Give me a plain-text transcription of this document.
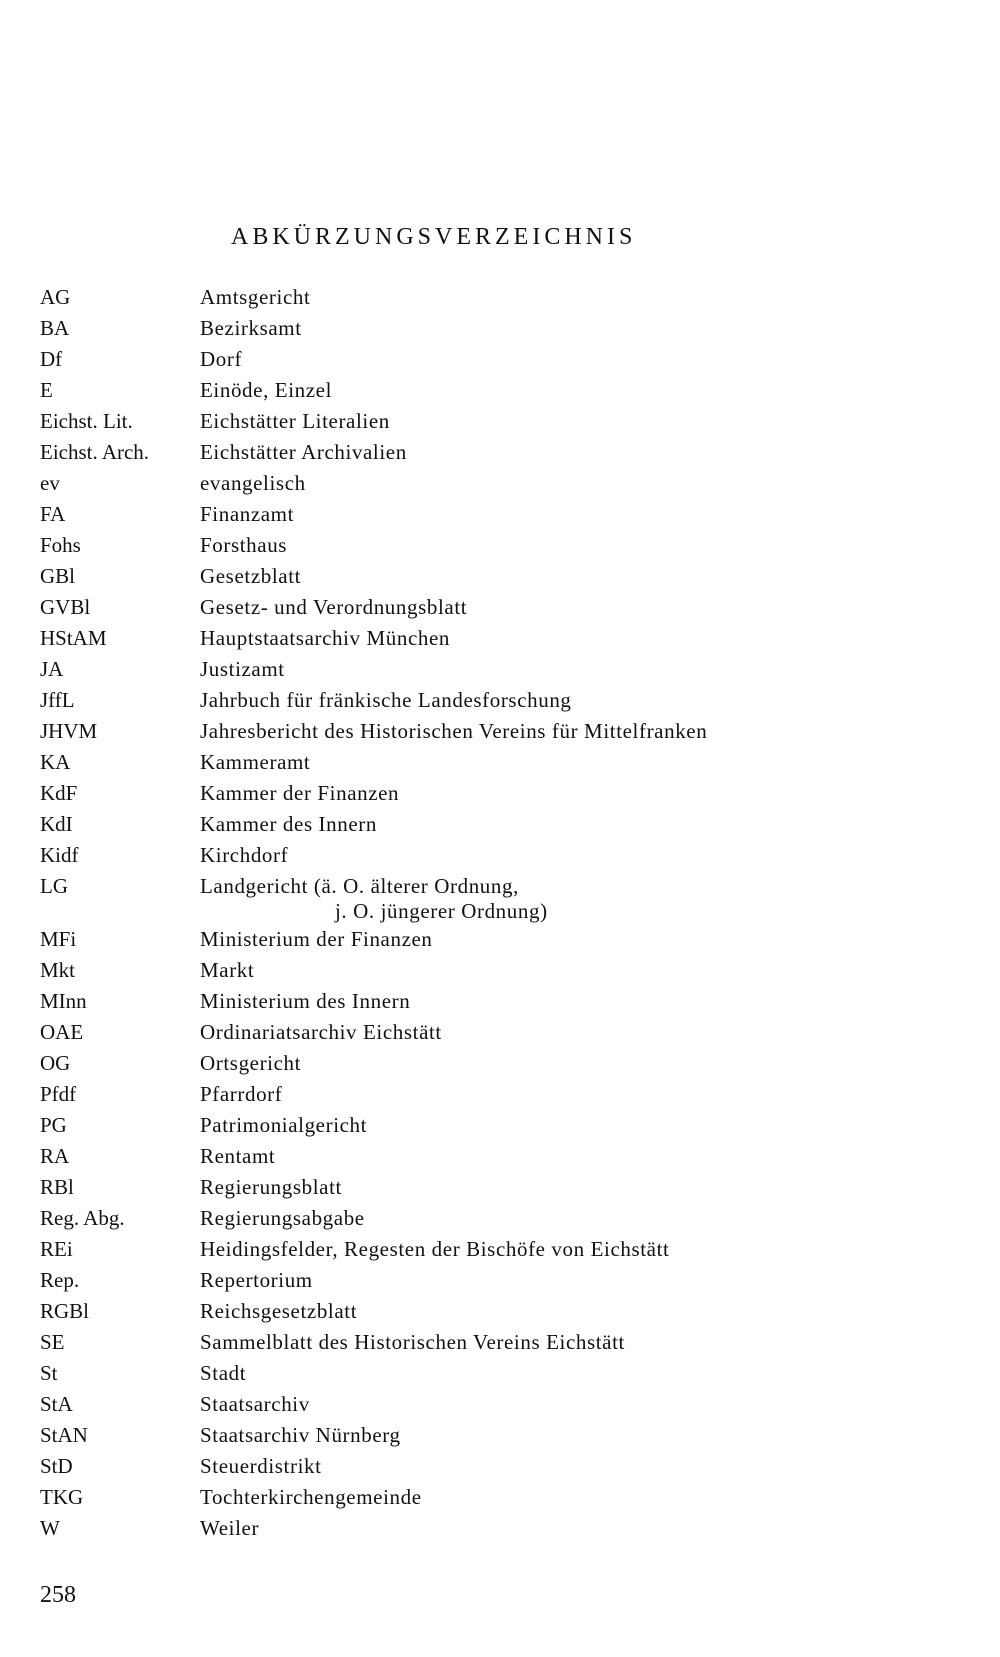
ABKÜRZUNGSVERZEICHNIS
AG	Amtsgericht
BA	Bezirksamt
Df	Dorf
E	Einöde, Einzel
Eichst. Lit.	Eichstätter Literalien
Eichst. Arch.	Eichstätter Archivalien
ev	evangelisch
FA	Finanzamt
Fohs	Forsthaus
GBl	Gesetzblatt
GVBl	Gesetz- und Verordnungsblatt
HStAM	Hauptstaatsarchiv München
JA	Justizamt
JffL	Jahrbuch für fränkische Landesforschung
JHVM	Jahresbericht des Historischen Vereins für Mittelfranken
KA	Kammeramt
KdF	Kammer der Finanzen
KdI	Kammer des Innern
Kidf	Kirchdorf
LG	Landgericht (ä. O. älterer Ordnung,
j. O. jüngerer Ordnung)
MFi	Ministerium der Finanzen
Mkt	Markt
MInn	Ministerium des Innern
OAE	Ordinariatsarchiv Eichstätt
OG	Ortsgericht
Pfdf	Pfarrdorf
PG	Patrimonialgericht
RA	Rentamt
RBl	Regierungsblatt
Reg. Abg.	Regierungsabgabe
REi	Heidingsfelder, Regesten der Bischöfe von Eichstätt
Rep.	Repertorium
RGBl	Reichsgesetzblatt
SE	Sammelblatt des Historischen Vereins Eichstätt
St	Stadt
StA	Staatsarchiv
StAN	Staatsarchiv Nürnberg
StD	Steuerdistrikt
TKG	Tochterkirchengemeinde
W	Weiler
258
